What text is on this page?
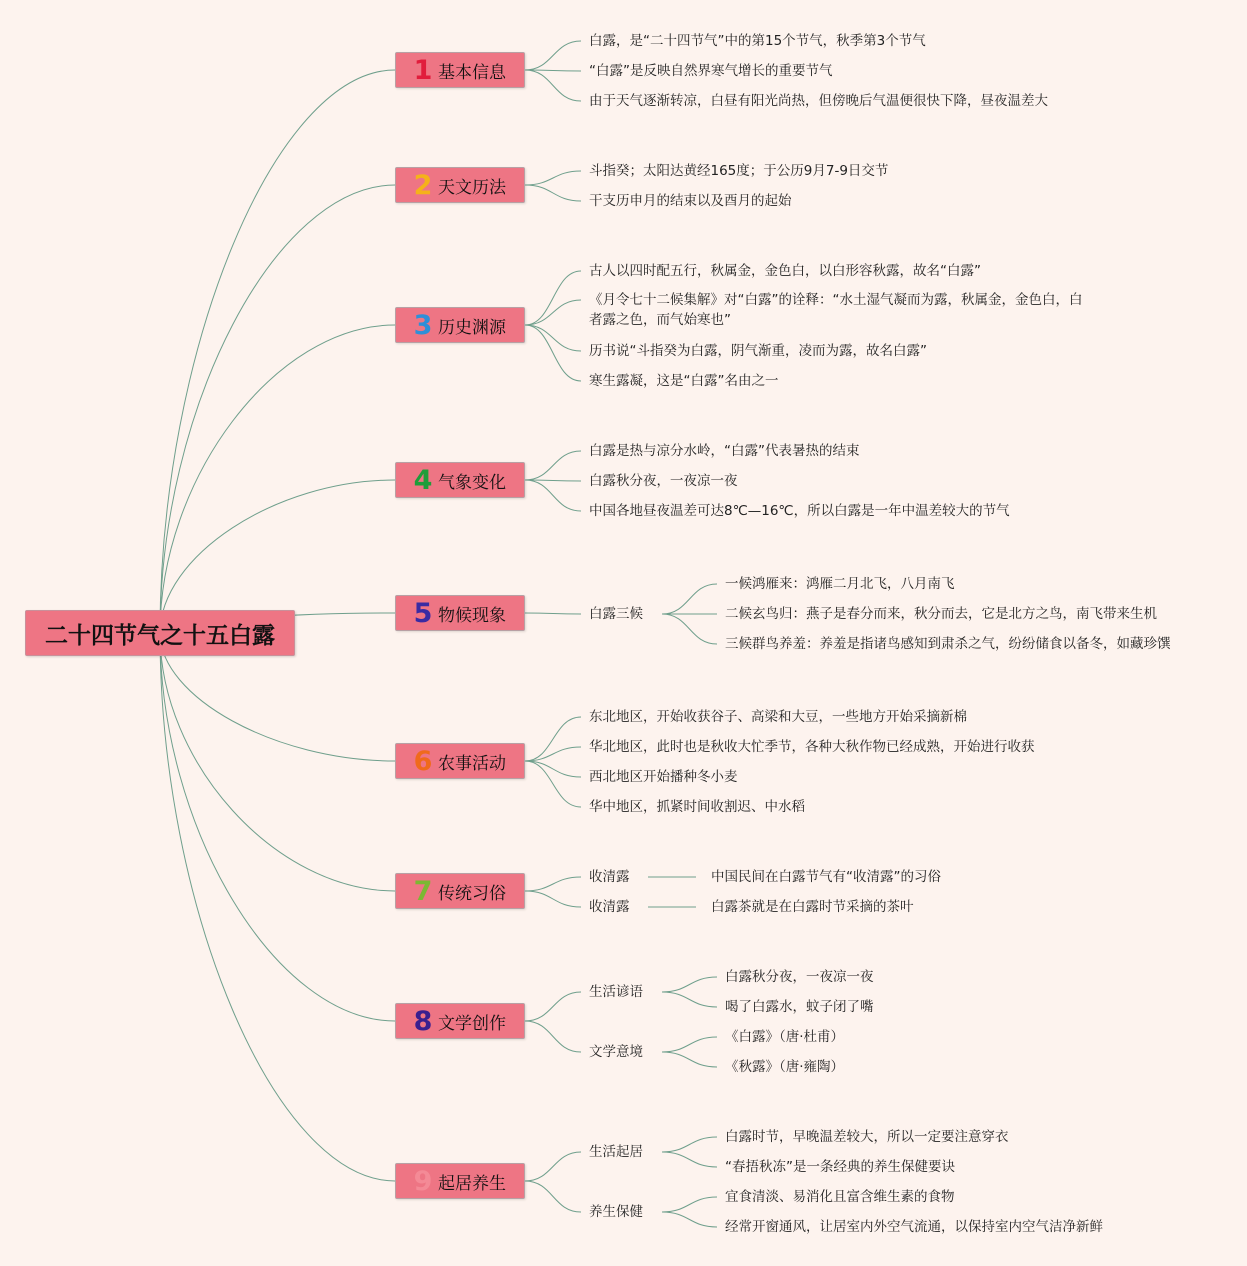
二十四节气之十五白露
1 基本信息
白露，是“二十四节气”中的第15个节气，秋季第3个节气
“白露”是反映自然界寒气增长的重要节气
由于天气逐渐转凉，白昼有阳光尚热，但傍晚后气温便很快下降，昼夜温差大
2 天文历法
斗指癸；太阳达黄经165度；于公历9月7-9日交节
干支历申月的结束以及酉月的起始
3 历史渊源
古人以四时配五行，秋属金，金色白，以白形容秋露，故名“白露”
《月令七十二候集解》对“白露”的诠释：“水土湿气凝而为露，秋属金，金色白，白者露之色，而气始寒也”
历书说“斗指癸为白露，阴气渐重，凌而为露，故名白露”
寒生露凝，这是“白露”名由之一
4 气象变化
白露是热与凉分水岭，“白露”代表暑热的结束
白露秋分夜，一夜凉一夜
中国各地昼夜温差可达8℃—16℃，所以白露是一年中温差较大的节气
5 物候现象	白露三候
一候鸿雁来：鸿雁二月北飞，八月南飞
二候玄鸟归：燕子是春分而来，秋分而去，它是北方之鸟，南飞带来生机
三候群鸟养羞：养羞是指诸鸟感知到肃杀之气，纷纷储食以备冬，如藏珍馔
6 农事活动
东北地区，开始收获谷子、高梁和大豆，一些地方开始采摘新棉
华北地区，此时也是秋收大忙季节，各种大秋作物已经成熟，开始进行收获
西北地区开始播种冬小麦
华中地区，抓紧时间收割迟、中水稻
7 传统习俗
收清露	中国民间在白露节气有“收清露”的习俗
收清露	白露茶就是在白露时节采摘的茶叶
8 文学创作
生活谚语
白露秋分夜，一夜凉一夜
喝了白露水，蚊子闭了嘴
文学意境
《白露》（唐·杜甫）
《秋露》（唐·雍陶）
9 起居养生
生活起居
白露时节，早晚温差较大，所以一定要注意穿衣
“春捂秋冻”是一条经典的养生保健要诀
养生保健
宜食清淡、易消化且富含维生素的食物
经常开窗通风，让居室内外空气流通，以保持室内空气洁净新鲜
